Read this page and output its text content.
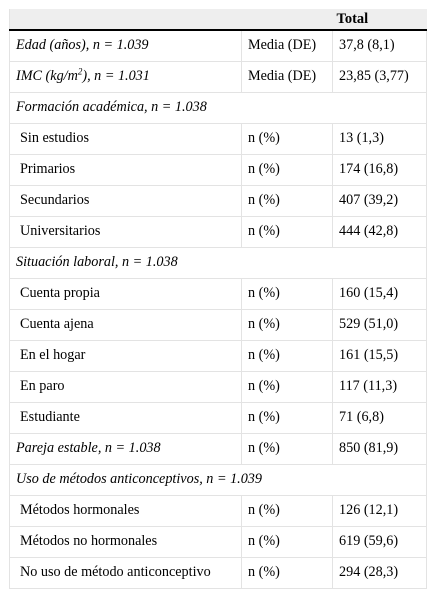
		Total
Edad (años), n = 1.039	Media (DE)	37,8 (8,1)
IMC $(kg/m^2)$, n = 1.031	Media (DE)	23,85 (3,77)
Formación académica, n = 1.038		
Sin estudios	n (%)	13 (1,3)
Primarios	n (%)	174 (16,8)
Secundarios	n (%)	407 (39,2)
Universitarios	n (%)	444 (42,8)
Situación laboral, n = 1.038		
Cuenta propia	n (%)	160 (15,4)
Cuenta ajena	n (%)	529 (51,0)
En el hogar	n (%)	161 (15,5)
En paro	n (%)	117 (11,3)
Estudiante	n (%)	71 (6,8)
Pareja estable, n = 1.038	n (%)	850 (81,9)
Uso de métodos anticonceptivos, n = 1.039		
Métodos hormonales	n (%)	126 (12,1)
Métodos no hormonales	n (%)	619 (59,6)
No uso de método anticonceptivo	n (%)	294 (28,3)
